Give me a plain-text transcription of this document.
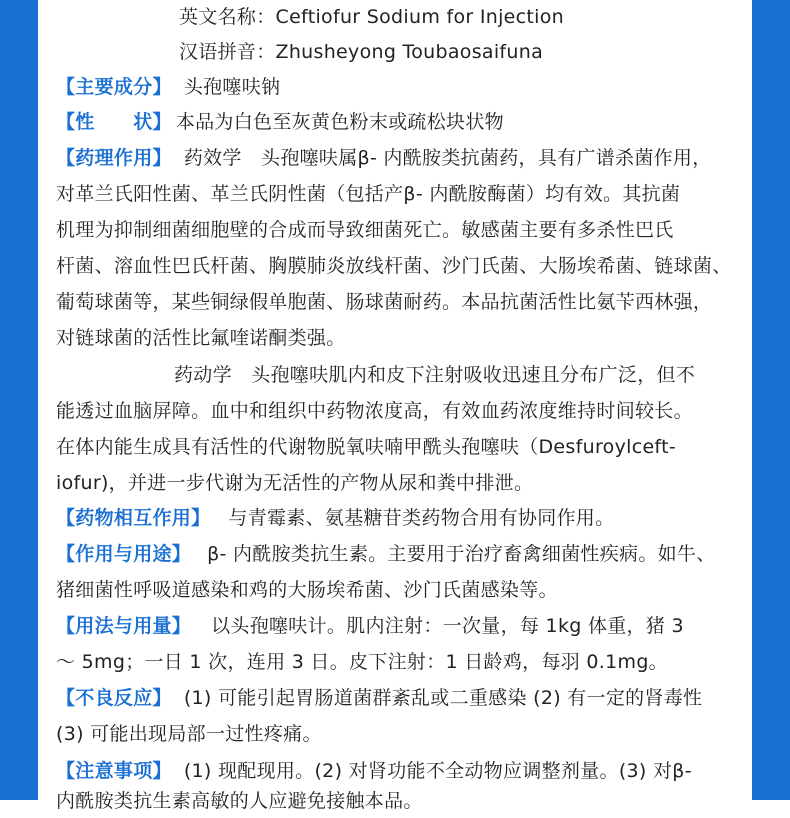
英文名称：Ceftiofur Sodium for Injection
汉语拼音：Zhusheyong Toubaosaifuna
【主要成分】 头孢噻呋钠
【性　　状】 本品为白色至灰黄色粉末或疏松块状物
【药理作用】 药效学　头孢噻呋属β- 内酰胺类抗菌药，具有广谱杀菌作用，
对革兰氏阳性菌、革兰氏阴性菌（包括产β- 内酰胺酶菌）均有效。其抗菌
机理为抑制细菌细胞壁的合成而导致细菌死亡。敏感菌主要有多杀性巴氏
杆菌、溶血性巴氏杆菌、胸膜肺炎放线杆菌、沙门氏菌、大肠埃希菌、链球菌、
葡萄球菌等，某些铜绿假单胞菌、肠球菌耐药。本品抗菌活性比氨苄西林强，
对链球菌的活性比氟喹诺酮类强。
药动学　头孢噻呋肌内和皮下注射吸收迅速且分布广泛，但不
能透过血脑屏障。血中和组织中药物浓度高，有效血药浓度维持时间较长。
在体内能生成具有活性的代谢物脱氧呋喃甲酰头孢噻呋（Desfuroylceft-
iofur)，并进一步代谢为无活性的产物从尿和粪中排泄。
【药物相互作用】 与青霉素、氨基糖苷类药物合用有协同作用。
【作用与用途】 β- 内酰胺类抗生素。主要用于治疗畜禽细菌性疾病。如牛、
猪细菌性呼吸道感染和鸡的大肠埃希菌、沙门氏菌感染等。
【用法与用量】 以头孢噻呋计。肌内注射：一次量，每 1kg 体重，猪 3
～ 5mg；一日 1 次，连用 3 日。皮下注射：1 日龄鸡，每羽 0.1mg。
【不良反应】 (1) 可能引起胃肠道菌群紊乱或二重感染 (2) 有一定的肾毒性
(3) 可能出现局部一过性疼痛。
【注意事项】 (1) 现配现用。(2) 对肾功能不全动物应调整剂量。(3) 对β-
内酰胺类抗生素高敏的人应避免接触本品。
